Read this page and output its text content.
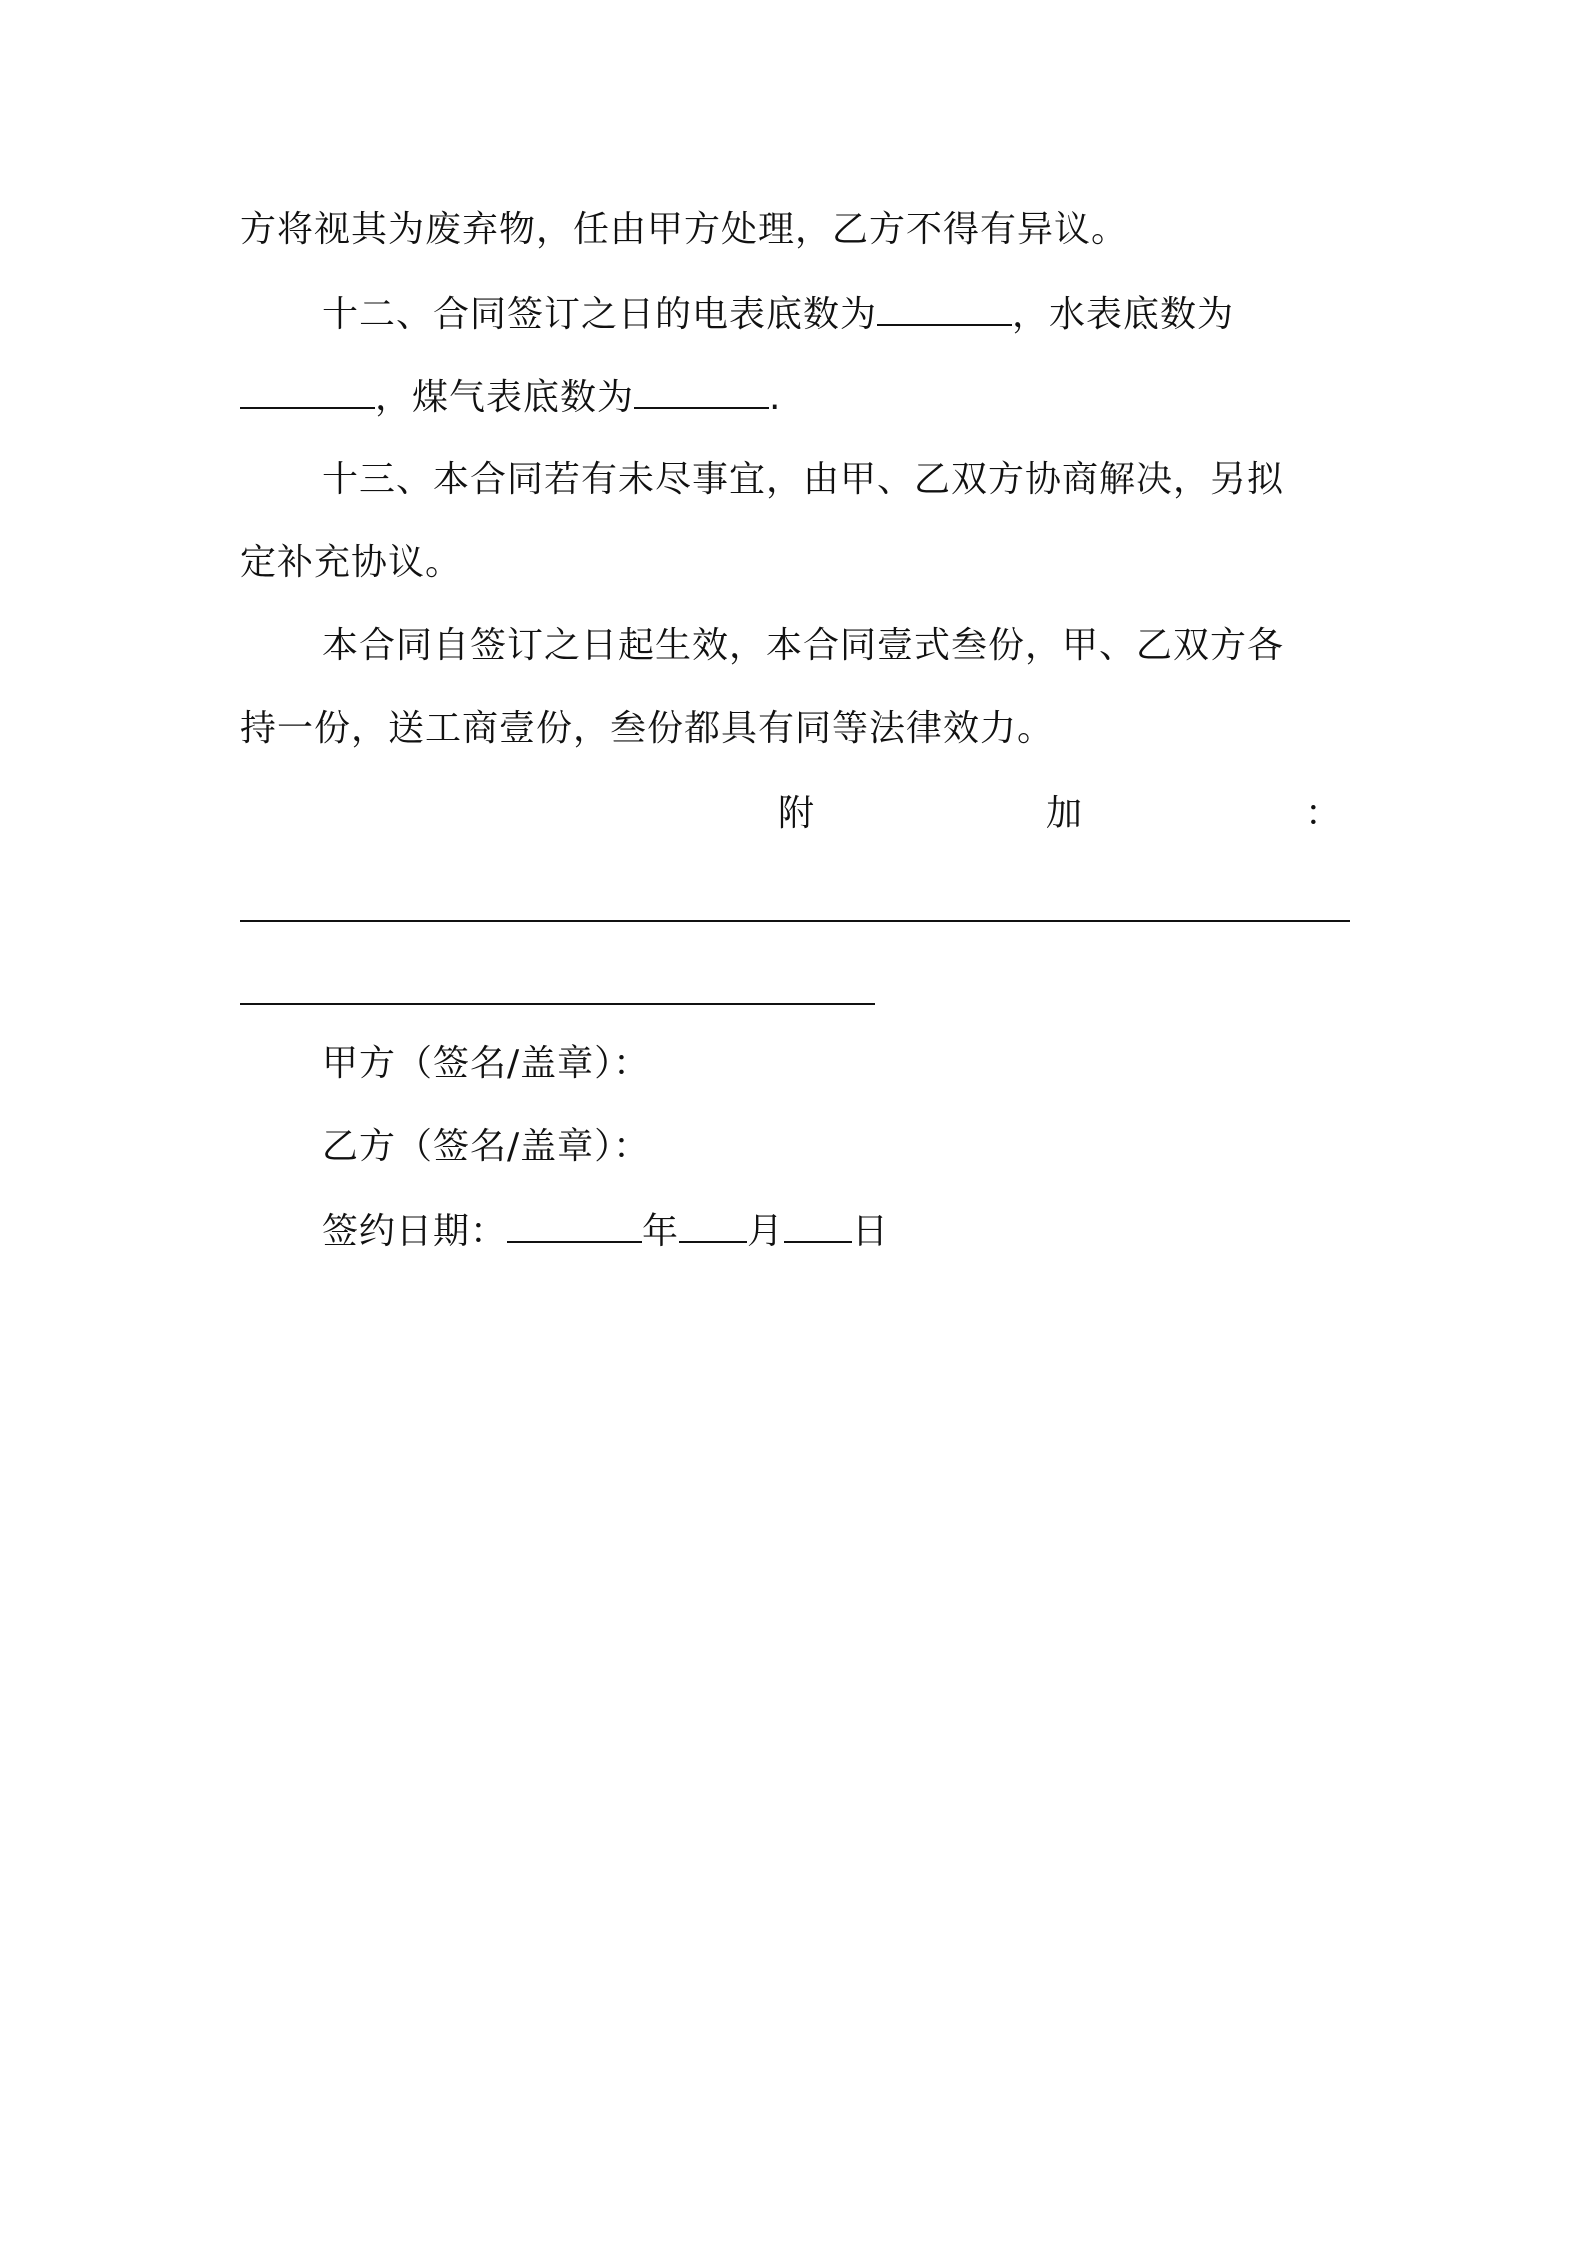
方将视其为废弃物，任由甲方处理，乙方不得有异议。
十二、合同签订之日的电表底数为	，水表底数为
，煤气表底数为	.
十三、本合同若有未尽事宜，由甲、乙双方协商解决，另拟
定补充协议。
本合同自签订之日起生效，本合同壹式叁份，甲、乙双方各
持一份，送工商壹份，叁份都具有同等法律效力。
附	加	：
甲方（签名/盖章）：
乙方（签名/盖章）：
签约日期：	年 月 日
